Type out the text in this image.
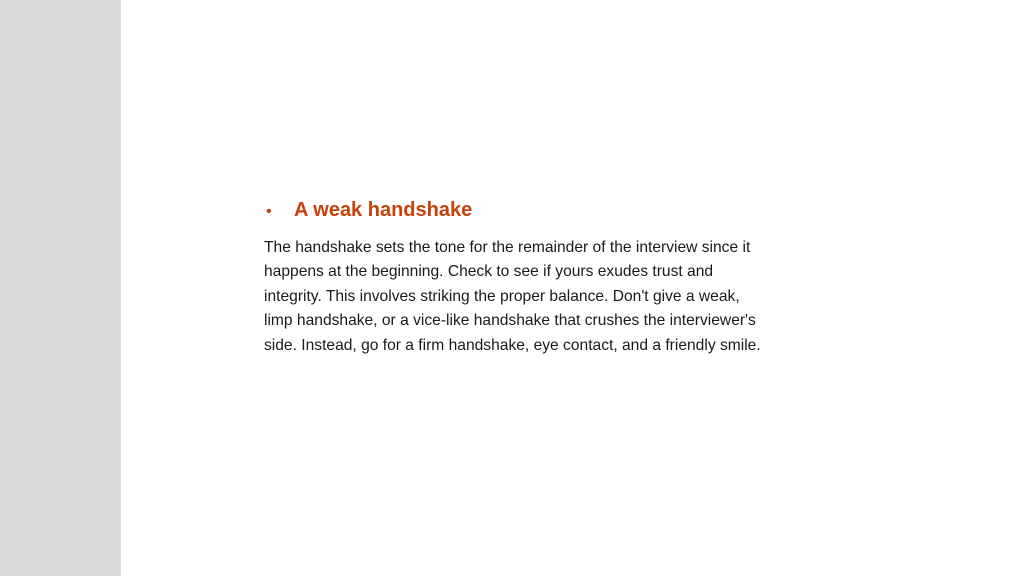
•	A weak handshake
The handshake sets the tone for the remainder of the interview since it happens at the beginning. Check to see if yours exudes trust and integrity. This involves striking the proper balance. Don't give a weak, limp handshake, or a vice-like handshake that crushes the interviewer's side. Instead, go for a firm handshake, eye contact, and a friendly smile.
